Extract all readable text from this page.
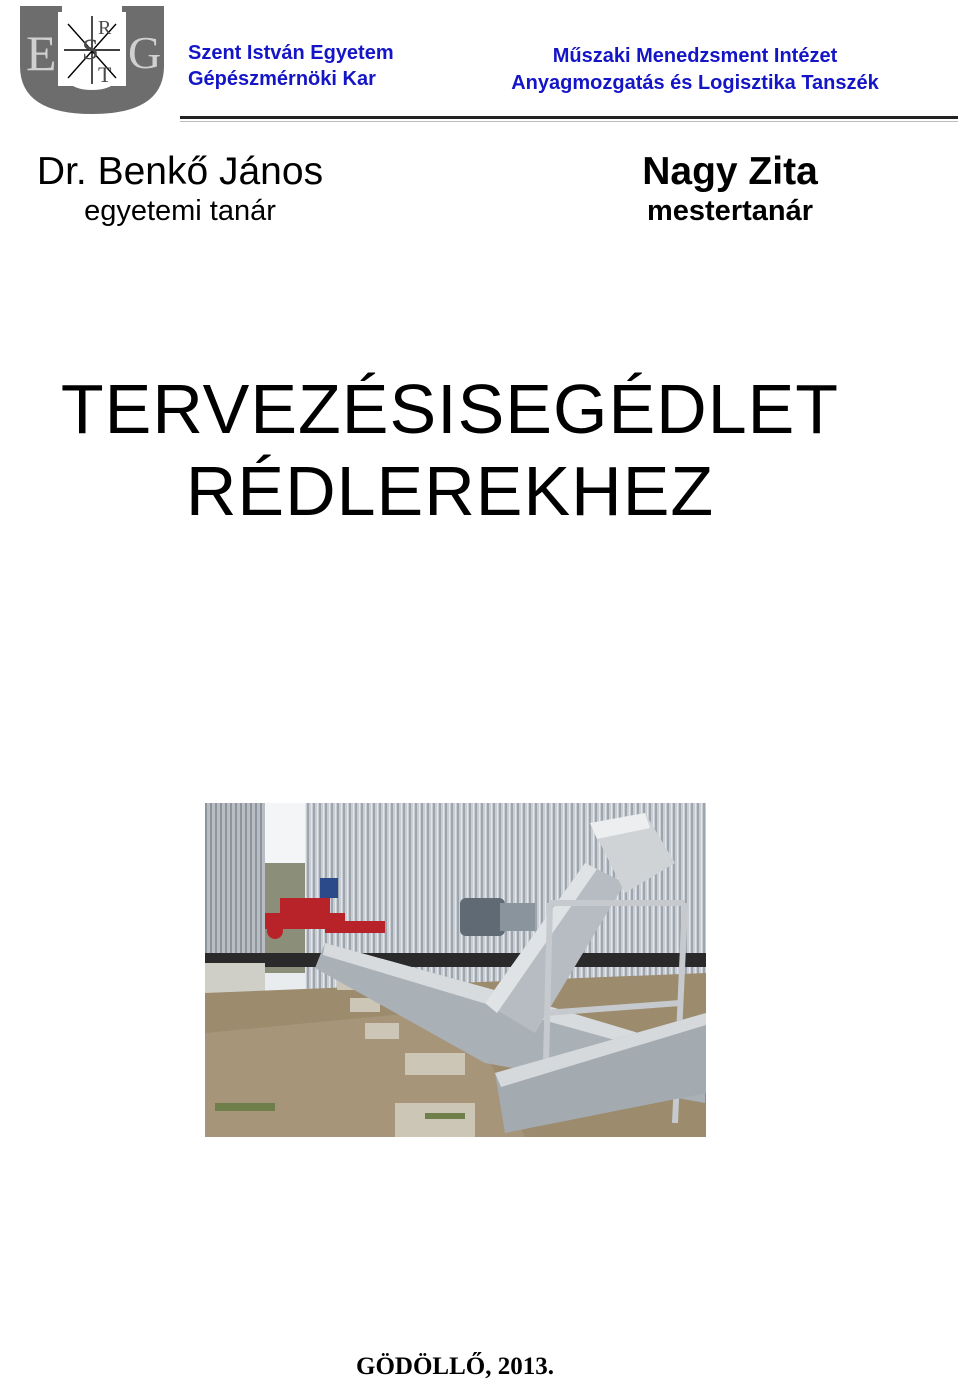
R
S
T G
E	Szent István Egyetem
Gépészmérnöki Kar
Műszaki Menedzsment Intézet
Anyagmozgatás és Logisztika Tanszék
Dr. Benkő János
egyetemi tanár
Nagy Zita
mestertanár
TERVEZÉSISEGÉDLET
RÉDLEREKHEZ
GÖDÖLLŐ, 2013.
